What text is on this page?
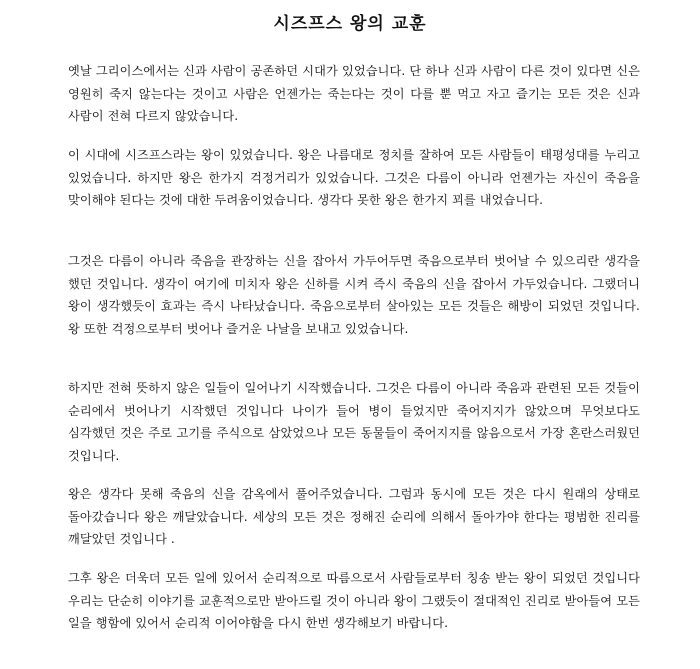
시즈프스 왕의 교훈

옛날 그리이스에서는 신과 사람이 공존하던 시대가 있었습니다. 단 하나 신과 사람이 다른 것이 있다면 신은 영원히 죽지 않는다는 것이고 사람은 언젠가는 죽는다는 것이 다를 뿐 먹고 자고 즐기는 모든 것은 신과 사람이 전혀 다르지 않았습니다.

이 시대에 시즈프스라는 왕이 있었습니다. 왕은 나름대로 정치를 잘하여 모든 사람들이 태평성대를 누리고 있었습니다. 하지만 왕은 한가지 걱정거리가 있었습니다. 그것은 다름이 아니라 언젠가는 자신이 죽음을 맞이해야 된다는 것에 대한 두려움이었습니다. 생각다 못한 왕은 한가지 꾀를 내었습니다.

그것은 다름이 아니라 죽음을 관장하는 신을 잡아서 가두어두면 죽음으로부터 벗어날 수 있으리란 생각을 했던 것입니다. 생각이 여기에 미치자 왕은 신하를 시켜 즉시 죽음의 신을 잡아서 가두었습니다. 그랬더니 왕이 생각했듯이 효과는 즉시 나타났습니다. 죽음으로부터 살아있는 모든 것들은 해방이 되었던 것입니다. 왕 또한 걱정으로부터 벗어나 즐거운 나날을 보내고 있었습니다.

하지만 전혀 뜻하지 않은 일들이 일어나기 시작했습니다. 그것은 다름이 아니라 죽음과 관련된 모든 것들이 순리에서 벗어나기 시작했던 것입니다 나이가 들어 병이 들었지만 죽어지지가 않았으며 무엇보다도 심각했던 것은 주로 고기를 주식으로 삼았었으나 모든 동물들이 죽어지지를 않음으로서 가장 혼란스러웠던 것입니다.

왕은 생각다 못해 죽음의 신을 감옥에서 풀어주었습니다. 그럼과 동시에 모든 것은 다시 원래의 상태로 돌아갔습니다 왕은 깨달았습니다. 세상의 모든 것은 정해진 순리에 의해서 돌아가야 한다는 평범한 진리를 깨달았던 것입니다 .

그후 왕은 더욱더 모든 일에 있어서 순리적으로 따름으로서 사람들로부터 칭송 받는 왕이 되었던 것입니다 우리는 단순히 이야기를 교훈적으로만 받아드릴 것이 아니라 왕이 그랬듯이 절대적인 진리로 받아들여 모든 일을 행함에 있어서 순리적 이어야함을 다시 한번 생각해보기 바랍니다.
